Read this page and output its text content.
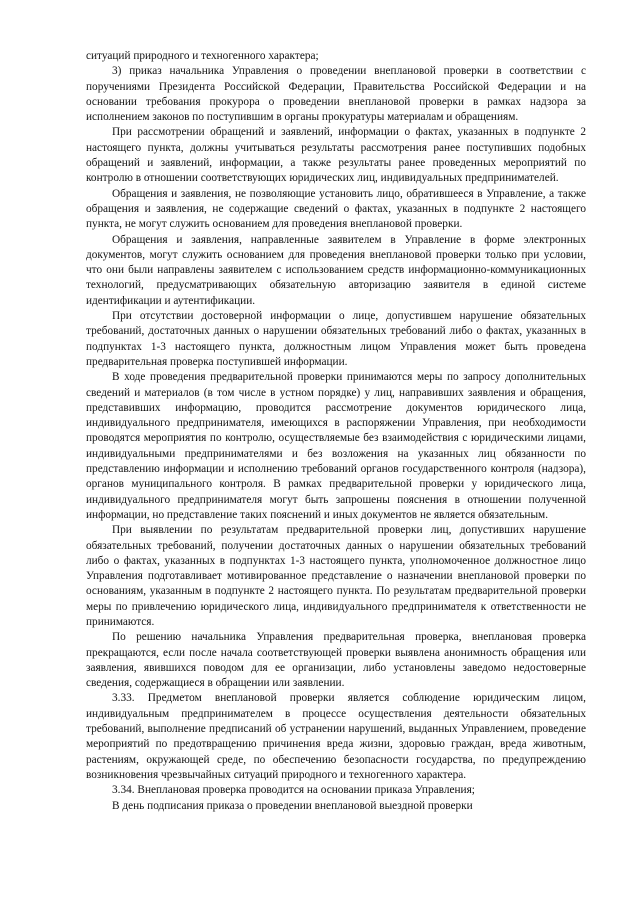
ситуаций природного и техногенного характера;

3) приказ начальника Управления о проведении внеплановой проверки в соответствии с поручениями Президента Российской Федерации, Правительства Российской Федерации и на основании требования прокурора о проведении внеплановой проверки в рамках надзора за исполнением законов по поступившим в органы прокуратуры материалам и обращениям.

При рассмотрении обращений и заявлений, информации о фактах, указанных в подпункте 2 настоящего пункта, должны учитываться результаты рассмотрения ранее поступивших подобных обращений и заявлений, информации, а также результаты ранее проведенных мероприятий по контролю в отношении соответствующих юридических лиц, индивидуальных предпринимателей.

Обращения и заявления, не позволяющие установить лицо, обратившееся в Управление, а также обращения и заявления, не содержащие сведений о фактах, указанных в подпункте 2 настоящего пункта, не могут служить основанием для проведения внеплановой проверки.

Обращения и заявления, направленные заявителем в Управление в форме электронных документов, могут служить основанием для проведения внеплановой проверки только при условии, что они были направлены заявителем с использованием средств информационно-коммуникационных технологий, предусматривающих обязательную авторизацию заявителя в единой системе идентификации и аутентификации.

При отсутствии достоверной информации о лице, допустившем нарушение обязательных требований, достаточных данных о нарушении обязательных требований либо о фактах, указанных в подпунктах 1-3 настоящего пункта, должностным лицом Управления может быть проведена предварительная проверка поступившей информации.

В ходе проведения предварительной проверки принимаются меры по запросу дополнительных сведений и материалов (в том числе в устном порядке) у лиц, направивших заявления и обращения, представивших информацию, проводится рассмотрение документов юридического лица, индивидуального предпринимателя, имеющихся в распоряжении Управления, при необходимости проводятся мероприятия по контролю, осуществляемые без взаимодействия с юридическими лицами, индивидуальными предпринимателями и без возложения на указанных лиц обязанности по представлению информации и исполнению требований органов государственного контроля (надзора), органов муниципального контроля. В рамках предварительной проверки у юридического лица, индивидуального предпринимателя могут быть запрошены пояснения в отношении полученной информации, но представление таких пояснений и иных документов не является обязательным.

При выявлении по результатам предварительной проверки лиц, допустивших нарушение обязательных требований, получении достаточных данных о нарушении обязательных требований либо о фактах, указанных в подпунктах 1-3 настоящего пункта, уполномоченное должностное лицо Управления подготавливает мотивированное представление о назначении внеплановой проверки по основаниям, указанным в подпункте 2 настоящего пункта. По результатам предварительной проверки меры по привлечению юридического лица, индивидуального предпринимателя к ответственности не принимаются.

По решению начальника Управления предварительная проверка, внеплановая проверка прекращаются, если после начала соответствующей проверки выявлена анонимность обращения или заявления, явившихся поводом для ее организации, либо установлены заведомо недостоверные сведения, содержащиеся в обращении или заявлении.

3.33. Предметом внеплановой проверки является соблюдение юридическим лицом, индивидуальным предпринимателем в процессе осуществления деятельности обязательных требований, выполнение предписаний об устранении нарушений, выданных Управлением, проведение мероприятий по предотвращению причинения вреда жизни, здоровью граждан, вреда животным, растениям, окружающей среде, по обеспечению безопасности государства, по предупреждению возникновения чрезвычайных ситуаций природного и техногенного характера.

3.34. Внеплановая проверка проводится на основании приказа Управления;

В день подписания приказа о проведении внеплановой выездной проверки
